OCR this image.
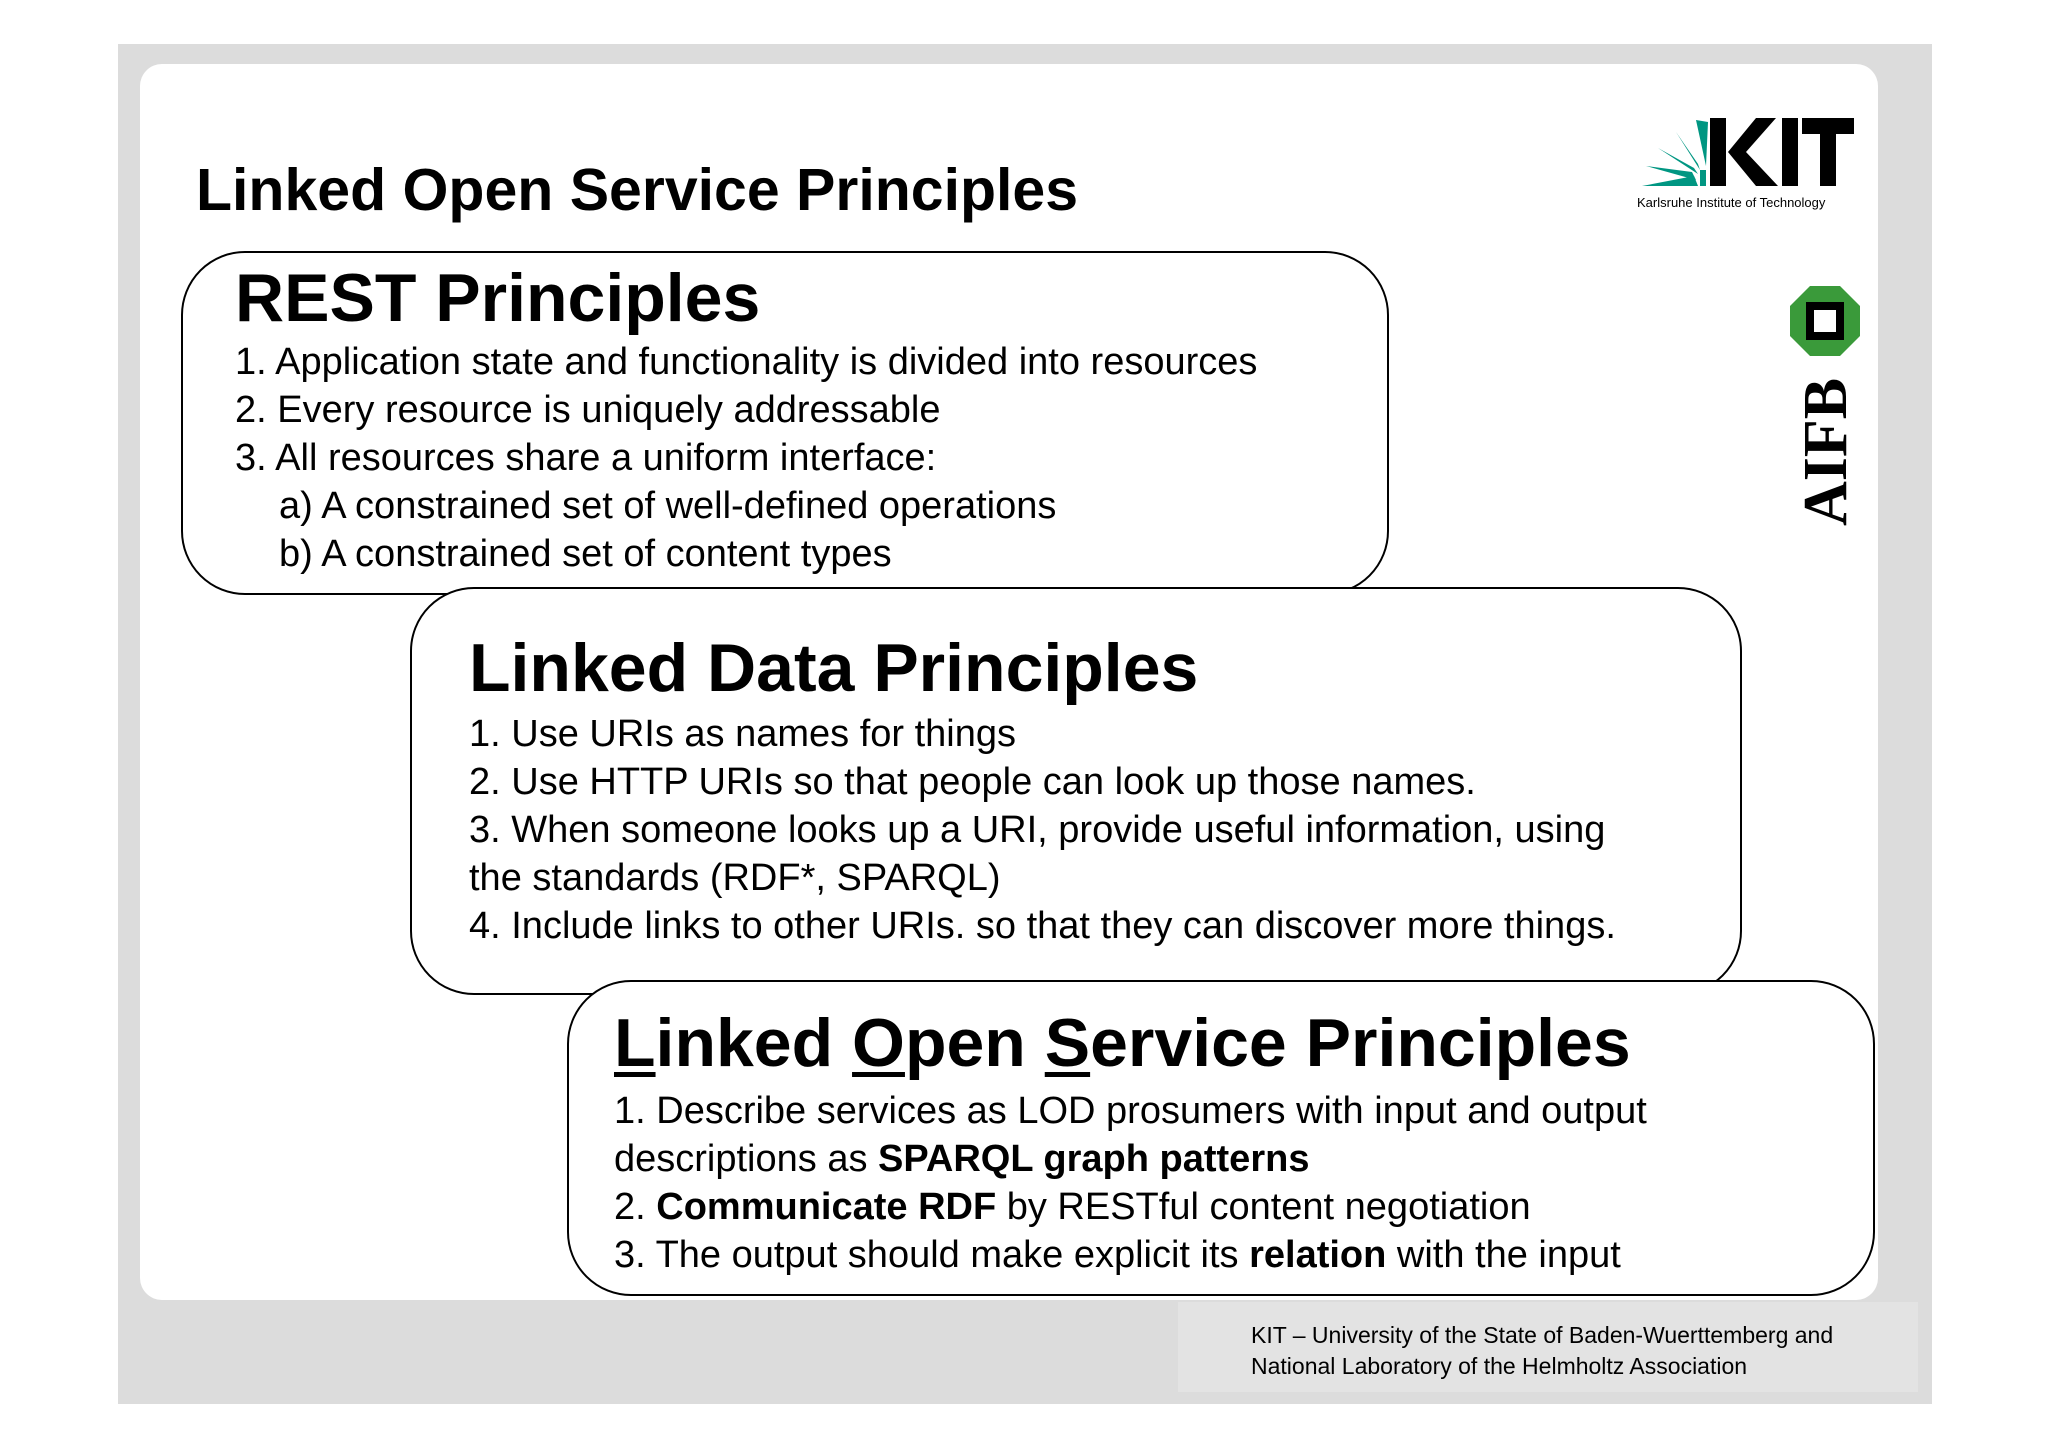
Linked Open Service Principles	Karlsruhe Institute of Technology
AIFB
REST Principles
1. Application state and functionality is divided into resources
2. Every resource is uniquely addressable
3. All resources share a uniform interface:
a) A constrained set of well-defined operations
b) A constrained set of content types
Linked Data Principles
1. Use URIs as names for things
2. Use HTTP URIs so that people can look up those names.
3. When someone looks up a URI, provide useful information, using
the standards (RDF*, SPARQL)
4. Include links to other URIs. so that they can discover more things.
Linked Open Service Principles
1. Describe services as LOD prosumers with input and output
descriptions as SPARQL graph patterns
2. Communicate RDF by RESTful content negotiation
3. The output should make explicit its relation with the input
KIT – University of the State of Baden-Wuerttemberg and
National Laboratory of the Helmholtz Association
